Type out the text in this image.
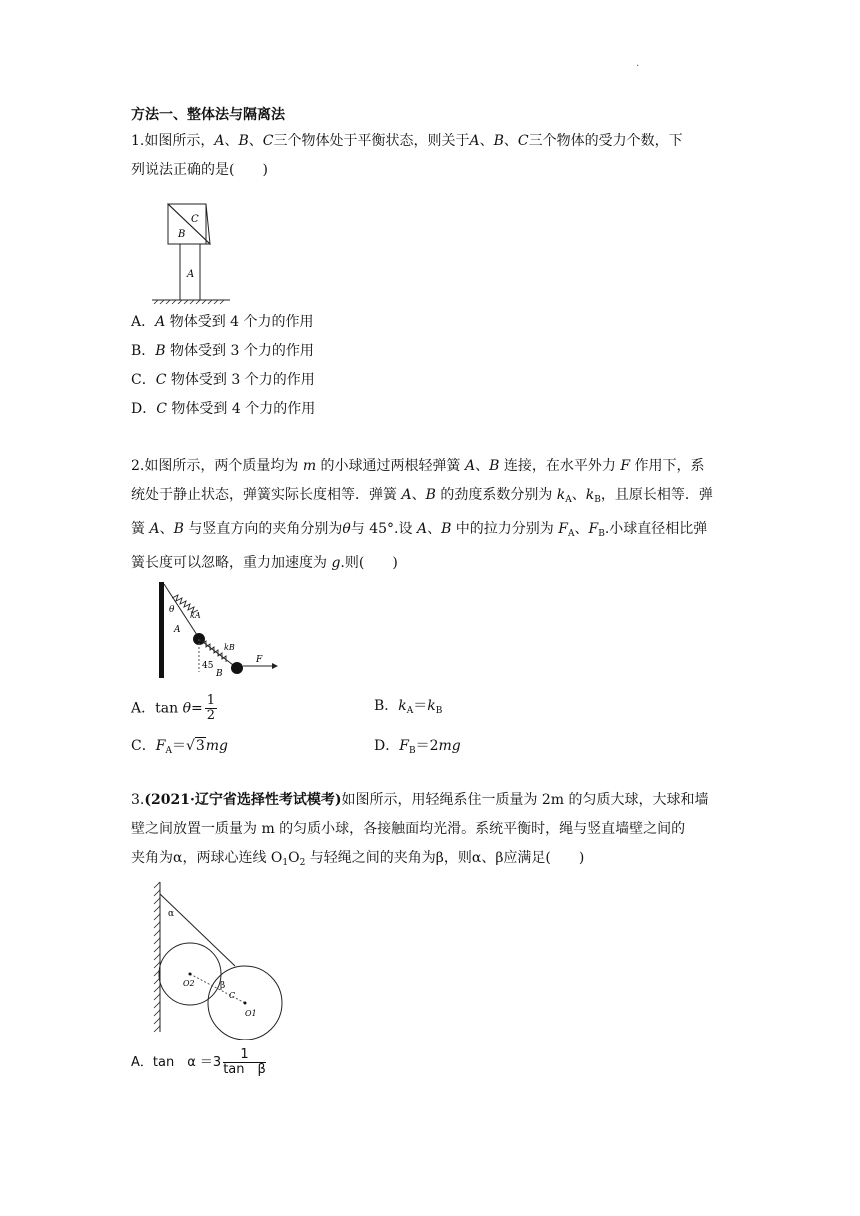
.
方法一、整体法与隔离法
1.如图所示，A、B、C三个物体处于平衡状态，则关于A、B、C三个物体的受力个数，下
列说法正确的是(　　)
C
B
A
A．A 物体受到 4 个力的作用
B．B 物体受到 3 个力的作用
C．C 物体受到 3 个力的作用
D．C 物体受到 4 个力的作用
2.如图所示，两个质量均为 m 的小球通过两根轻弹簧 A、B 连接，在水平外力 F 作用下，系
统处于静止状态，弹簧实际长度相等．弹簧 A、B 的劲度系数分别为 $k_A$、$k_B$，且原长相等．弹
簧 A、B 与竖直方向的夹角分别为θ与 45°.设 A、B 中的拉力分别为 $F_A$、$F_B$.小球直径相比弹
簧长度可以忽略，重力加速度为 g.则(　　)
θ
kA
A
kB
45
B
F
A．$\tan \theta= \frac{1}{2}$	B．$k_A=k_B$
C．$F_A=√3mg$	D．$F_B=2mg$
3.(2021·辽宁省选择性考试模考)如图所示，用轻绳系住一质量为 2m 的匀质大球，大球和墙
壁之间放置一质量为 m 的匀质小球，各接触面均光滑。系统平衡时，绳与竖直墙壁之间的
夹角为α，两球心连线 $O_1O_2$ 与轻绳之间的夹角为β，则α、β应满足(　　)
α
β
O2
C
O1
A．tan　$\alpha =3 \frac{1}{\text{tan　β}}$
